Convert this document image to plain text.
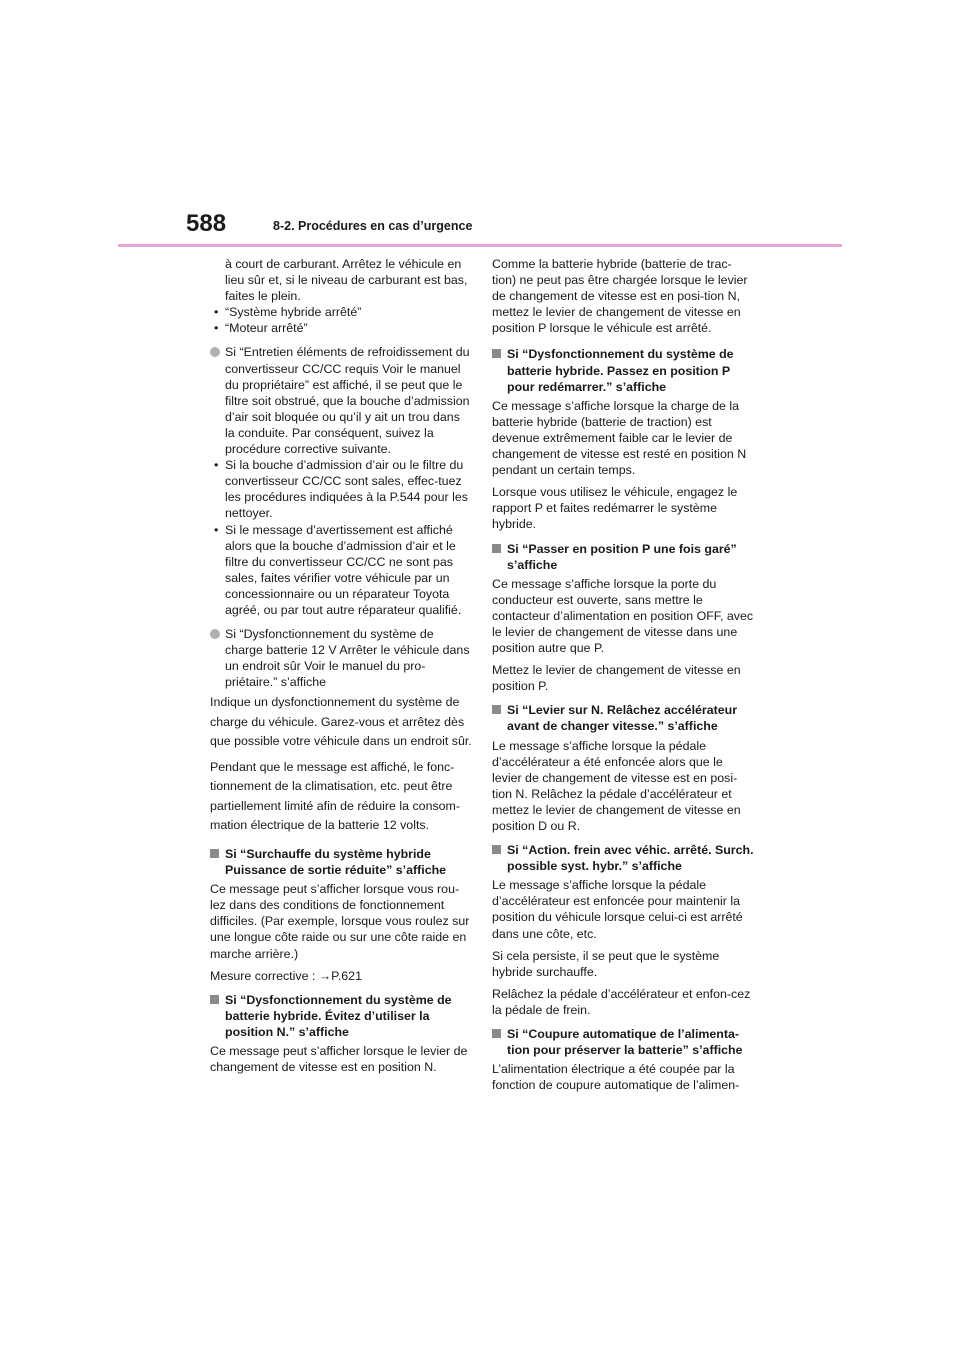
588	8-2. Procédures en cas d’urgence

à court de carburant. Arrêtez le véhicule en lieu sûr et, si le niveau de carburant est bas, faites le plein.

• “Système hybride arrêté”
• “Moteur arrêté”
Si “Entretien éléments de refroidissement du convertisseur CC/CC requis Voir le manuel du propriétaire” est affiché, il se peut que le filtre soit obstrué, que la bouche d’admission d’air soit bloquée ou qu’il y ait un trou dans la conduite. Par conséquent, suivez la procédure corrective suivante.
• Si la bouche d’admission d’air ou le filtre du convertisseur CC/CC sont sales, effec-tuez les procédures indiquées à la P.544 pour les nettoyer.
• Si le message d’avertissement est affiché alors que la bouche d’admission d’air et le filtre du convertisseur CC/CC ne sont pas sales, faites vérifier votre véhicule par un concessionnaire ou un réparateur Toyota agréé, ou par tout autre réparateur qualifié.
Si “Dysfonctionnement du système de charge batterie 12 V Arrêter le véhicule dans un endroit sûr Voir le manuel du pro-priétaire.” s’affiche

Indique un dysfonctionnement du système de charge du véhicule. Garez-vous et arrêtez dès que possible votre véhicule dans un endroit sûr.

Pendant que le message est affiché, le fonc-tionnement de la climatisation, etc. peut être partiellement limité afin de réduire la consom-mation électrique de la batterie 12 volts.

Si “Surchauffe du système hybride Puissance de sortie réduite” s’affiche

Ce message peut s’afficher lorsque vous rou-lez dans des conditions de fonctionnement difficiles. (Par exemple, lorsque vous roulez sur une longue côte raide ou sur une côte raide en marche arrière.)

Mesure corrective : →P.621

Si “Dysfonctionnement du système de batterie hybride. Évitez d’utiliser la position N.” s’affiche

Ce message peut s’afficher lorsque le levier de changement de vitesse est en position N.

Comme la batterie hybride (batterie de trac-tion) ne peut pas être chargée lorsque le levier de changement de vitesse est en posi-tion N, mettez le levier de changement de vitesse en position P lorsque le véhicule est arrêté.

Si “Dysfonctionnement du système de batterie hybride. Passez en position P pour redémarrer.” s’affiche

Ce message s’affiche lorsque la charge de la batterie hybride (batterie de traction) est devenue extrêmement faible car le levier de changement de vitesse est resté en position N pendant un certain temps.

Lorsque vous utilisez le véhicule, engagez le rapport P et faites redémarrer le système hybride.

Si “Passer en position P une fois garé” s’affiche

Ce message s’affiche lorsque la porte du conducteur est ouverte, sans mettre le contacteur d’alimentation en position OFF, avec le levier de changement de vitesse dans une position autre que P.

Mettez le levier de changement de vitesse en position P.

Si “Levier sur N. Relâchez accélérateur avant de changer vitesse.” s’affiche

Le message s’affiche lorsque la pédale d’accélérateur a été enfoncée alors que le levier de changement de vitesse est en posi-tion N. Relâchez la pédale d’accélérateur et mettez le levier de changement de vitesse en position D ou R.

Si “Action. frein avec véhic. arrêté. Surch. possible syst. hybr.” s’affiche

Le message s’affiche lorsque la pédale d’accélérateur est enfoncée pour maintenir la position du véhicule lorsque celui-ci est arrêté dans une côte, etc.

Si cela persiste, il se peut que le système hybride surchauffe.

Relâchez la pédale d’accélérateur et enfon-cez la pédale de frein.

Si “Coupure automatique de l’alimenta-tion pour préserver la batterie” s’affiche

L’alimentation électrique a été coupée par la fonction de coupure automatique de l’alimen-
